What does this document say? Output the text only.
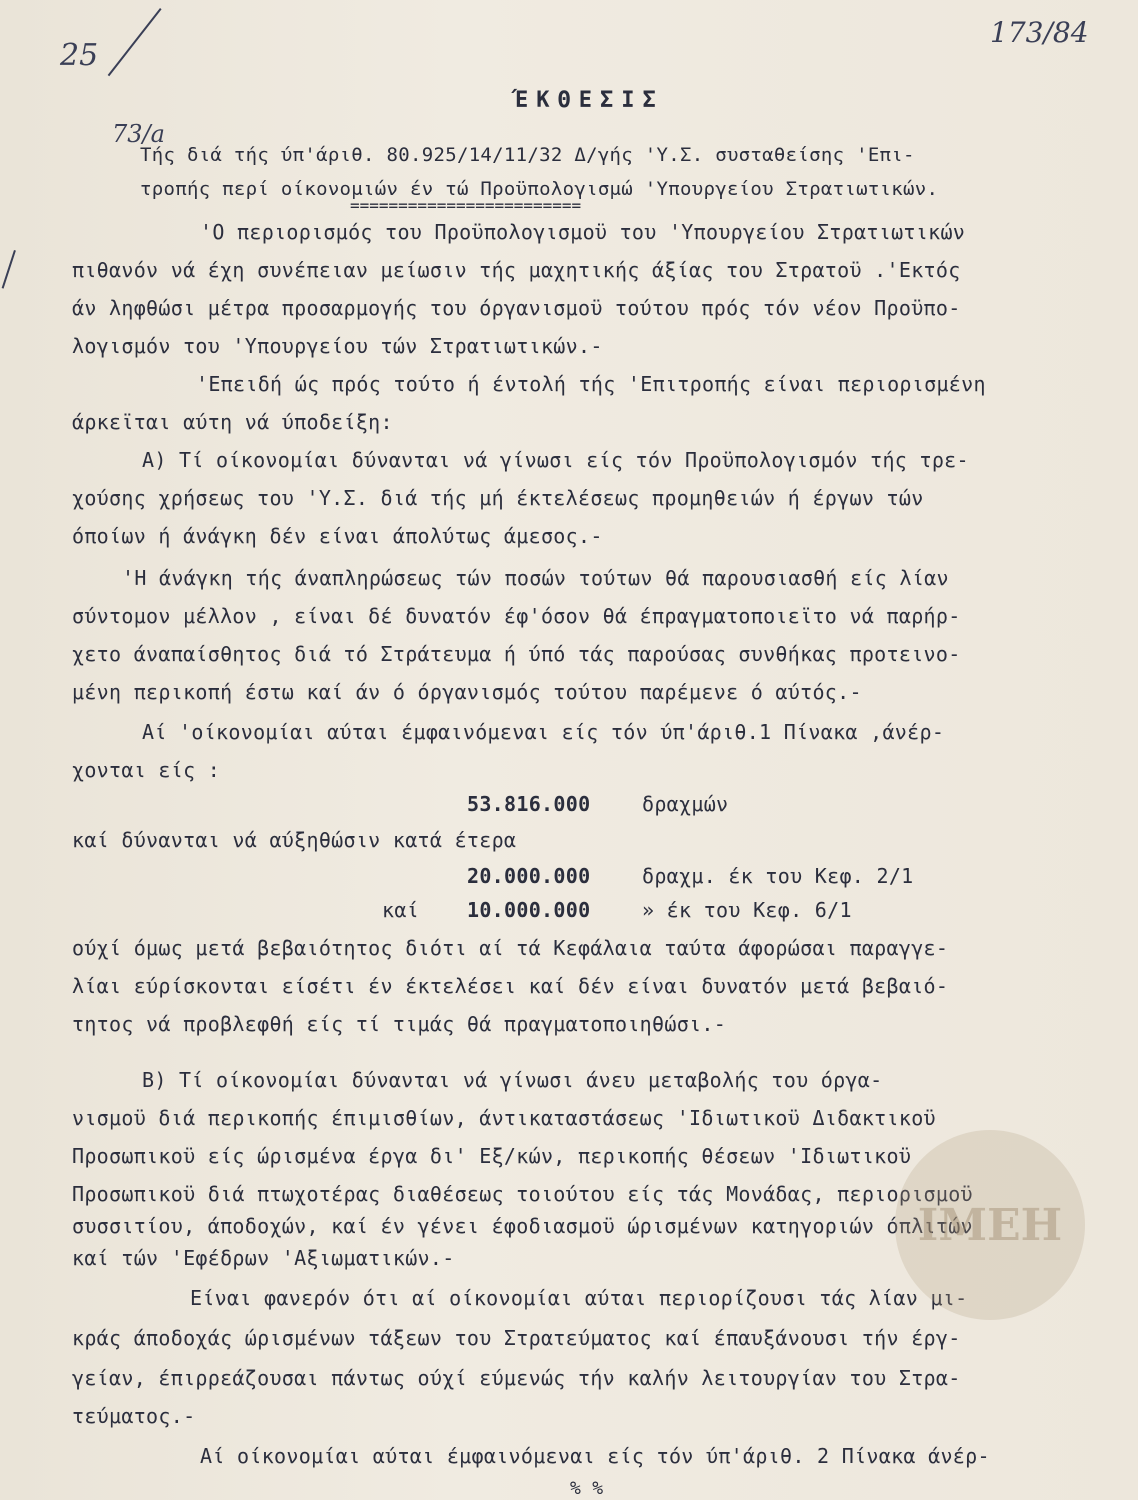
25
173/84
73/a
ΈΚΘΕΣΙΣ
Τής διά τής ύπ'άριθ. 80.925/14/11/32 Δ/γής 'Υ.Σ. συσταθείσης 'Επι-
τροπής περί οίκονομιών έν τώ Προϋπολογισμώ 'Υπουργείου Στρατιωτικών.
========================
'Ο περιορισμός του Προϋπολογισμοϋ του 'Υπουργείου Στρατιωτικών
πιθανόν νά έχη συνέπειαν μείωσιν τής μαχητικής άξίας του Στρατοϋ .'Εκτός
άν ληφθώσι μέτρα προσαρμογής του όργανισμοϋ τούτου πρός τόν νέον Προϋπο-
λογισμόν του 'Υπουργείου τών Στρατιωτικών.-
'Επειδή ώς πρός τούτο ή έντολή τής 'Επιτροπής είναι περιορισμένη
άρκεϊται αύτη νά ύποδείξη:
Α) Τί οίκονομίαι δύνανται νά γίνωσι είς τόν Προϋπολογισμόν τής τρε-
χούσης χρήσεως του 'Υ.Σ. διά τής μή έκτελέσεως προμηθειών ή έργων τών
όποίων ή άνάγκη δέν είναι άπολύτως άμεσος.-
'Η άνάγκη τής άναπληρώσεως τών ποσών τούτων θά παρουσιασθή είς λίαν
σύντομον μέλλον , είναι δέ δυνατόν έφ'όσον θά έπραγματοποιεϊτο νά παρήρ-
χετο άναπαίσθητος διά τό Στράτευμα ή ύπό τάς παρούσας συνθήκας προτεινο-
μένη περικοπή έστω καί άν ό όργανισμός τούτου παρέμενε ό αύτός.-
Αί 'οίκονομίαι αύται έμφαινόμεναι είς τόν ύπ'άριθ.1 Πίνακα ,άνέρ-
χονται είς :
53.816.000	δραχμών
καί δύνανται νά αύξηθώσιν κατά έτερα
20.000.000	δραχμ. έκ του Κεφ. 2/1
καί 10.000.000	» έκ του Κεφ. 6/1
ούχί όμως μετά βεβαιότητος διότι αί τά Κεφάλαια ταύτα άφορώσαι παραγγε-
λίαι εύρίσκονται είσέτι έν έκτελέσει καί δέν είναι δυνατόν μετά βεβαιό-
τητος νά προβλεφθή είς τί τιμάς θά πραγματοποιηθώσι.-
Β) Τί οίκονομίαι δύνανται νά γίνωσι άνευ μεταβολής του όργα-
νισμοϋ διά περικοπής έπιμισθίων, άντικαταστάσεως 'Ιδιωτικοϋ Διδακτικοϋ
Προσωπικοϋ είς ώρισμένα έργα δι' Εξ/κών, περικοπής θέσεων 'Ιδιωτικοϋ
Προσωπικοϋ διά πτωχοτέρας διαθέσεως τοιούτου είς τάς Μονάδας, περιορισμοϋ
συσσιτίου, άποδοχών, καί έν γένει έφοδιασμοϋ ώρισμένων κατηγοριών όπλιτών
καί τών 'Εφέδρων 'Αξιωματικών.-
Είναι φανερόν ότι αί οίκονομίαι αύται περιορίζουσι τάς λίαν μι-
κράς άποδοχάς ώρισμένων τάξεων του Στρατεύματος καί έπαυξάνουσι τήν έργ-
γείαν, έπιρρεάζουσαι πάντως ούχί εύμενώς τήν καλήν λειτουργίαν του Στρα-
τεύματος.-
Αί οίκονομίαι αύται έμφαινόμεναι είς τόν ύπ'άριθ. 2 Πίνακα άνέρ-
% %
ΙΜΕΗ
